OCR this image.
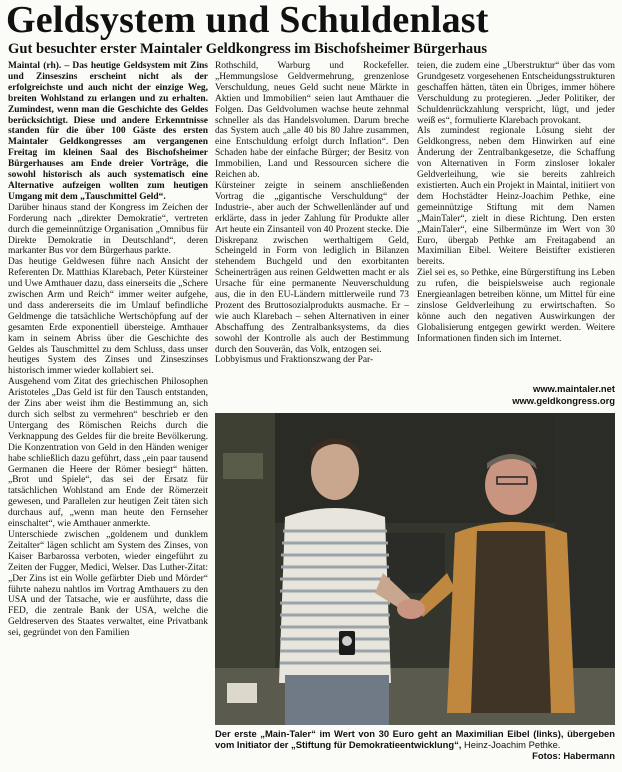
Geldsystem und Schuldenlast
Gut besuchter erster Maintaler Geldkongress im Bischofsheimer Bürgerhaus

Maintal (rh). – Das heutige Geldsystem mit Zins und Zinseszins erscheint nicht als der erfolgreichste und auch nicht der einzige Weg, breiten Wohlstand zu erlangen und zu erhalten. Zumindest, wenn man die Geschichte des Geldes berücksichtigt. Diese und andere Erkenntnisse standen für die über 100 Gäste des ersten Maintaler Geldkongresses am vergangenen Freitag im kleinen Saal des Bischofsheimer Bürgerhauses am Ende dreier Vorträge, die sowohl historisch als auch systematisch eine Alternative aufzeigen wollten zum heutigen Umgang mit dem „Tauschmittel Geld“.

Darüber hinaus stand der Kongress im Zeichen der Forderung nach „direkter Demokratie“, vertreten durch die gemeinnützige Organisation „Omnibus für Direkte Demokratie in Deutschland“, deren markanter Bus vor dem Bürgerhaus parkte.

Das heutige Geldwesen führe nach Ansicht der Referenten Dr. Matthias Klarebach, Peter Kürsteiner und Uwe Amthauer dazu, dass einerseits die „Schere zwischen Arm und Reich“ immer weiter aufgehe, und dass andererseits die im Umlauf befindliche Geldmenge die tatsächliche Wertschöpfung auf der gesamten Erde exponentiell übersteige. Amthauer kam in seinem Abriss über die Geschichte des Geldes als Tauschmittel zu dem Schluss, dass unser heutiges System des Zinses und Zinseszinses historisch immer wieder kollabiert sei.

Ausgehend vom Zitat des griechischen Philosophen Aristoteles „Das Geld ist für den Tausch entstanden, der Zins aber weist ihm die Bestimmung an, sich durch sich selbst zu vermehren“ beschrieb er den Untergang des Römischen Reichs durch die Verknappung des Geldes für die breite Bevölkerung. Die Konzentration von Geld in den Händen weniger habe schließlich dazu geführt, dass „ein paar tausend Germanen die Heere der Römer besiegt“ hätten. „Brot und Spiele“, das sei der Ersatz für tatsächlichen Wohlstand am Ende der Römerzeit gewesen, und Parallelen zur heutigen Zeit täten sich durchaus auf, „wenn man heute den Fernseher einschaltet“, wie Amthauer anmerkte.

Unterschiede zwischen „goldenem und dunklem Zeitalter“ lägen schlicht am System des Zinses, von Kaiser Barbarossa verboten, wieder eingeführt zu Zeiten der Fugger, Medici, Welser. Das Luther-Zitat: „Der Zins ist ein Wolle gefärbter Dieb und Mörder“ führte nahezu nahtlos im Vortrag Amthauers zu den USA und der Tatsache, wie er ausführte, dass die FED, die zentrale Bank der USA, welche die Geldreserven des Staates verwaltet, eine Privatbank sei, gegründet von den Familien

Rothschild, Warburg und Rockefeller. „Hemmungslose Geldvermehrung, grenzenlose Verschuldung, neues Geld sucht neue Märkte in Aktien und Immobilien“ seien laut Amthauer die Folgen. Das Geldvolumen wachse heute zehnmal schneller als das Handelsvolumen. Darum breche das System auch „alle 40 bis 80 Jahre zusammen, eine Entschuldung erfolgt durch Inflation“. Den Schaden habe der einfache Bürger; der Besitz von Immobilien, Land und Ressourcen sichere die Reichen ab.

Kürsteiner zeigte in seinem anschließenden Vortrag die „gigantische Verschuldung“ der Industrie-, aber auch der Schwellenländer auf und erklärte, dass in jeder Zahlung für Produkte aller Art heute ein Zinsanteil von 40 Prozent stecke. Die Diskrepanz zwischen werthaltigem Geld, Scheingeld in Form von lediglich in Bilanzen stehendem Buchgeld und den exorbitanten Scheinerträgen aus reinen Geldwetten macht er als Ursache für eine permanente Neuverschuldung aus, die in den EU-Ländern mittlerweile rund 73 Prozent des Bruttosozialprodukts ausmache. Er – wie auch Klarebach – sehen Alternativen in einer Abschaffung des Zentralbanksystems, da dies sowohl der Kontrolle als auch der Bestimmung durch den Souverän, das Volk, entzogen sei.

Lobbyismus und Fraktionszwang der Par-

teien, die zudem eine „Überstruktur“ über das vom Grundgesetz vorgesehenen Entscheidungsstrukturen geschaffen hätten, täten ein Übriges, immer höhere Verschuldung zu protegieren. „Jeder Politiker, der Schuldenrückzahlung verspricht, lügt, und jeder weiß es“, formulierte Klarebach provokant.

Als zumindest regionale Lösung sieht der Geldkongress, neben dem Hinwirken auf eine Änderung der Zentralbankgesetze, die Schaffung von Alternativen in Form zinsloser lokaler Geldverleihung, wie sie bereits zahlreich existierten. Auch ein Projekt in Maintal, initiiert von dem Hochstädter Heinz-Joachim Pethke, eine gemeinnützige Stiftung mit dem Namen „MainTaler“, zielt in diese Richtung. Den ersten „MainTaler“, eine Silbermünze im Wert von 30 Euro, übergab Pethke am Freitagabend an Maximilian Eibel. Weitere Beistifter existieren bereits.

Ziel sei es, so Pethke, eine Bürgerstiftung ins Leben zu rufen, die beispielsweise auch regionale Energieanlagen betreiben könne, um Mittel für eine zinslose Geldverleihung zu erwirtschaften. So könne auch den negativen Auswirkungen der Globalisierung entgegen gewirkt werden. Weitere Informationen finden sich im Internet.

www.maintaler.net
www.geldkongress.org
Der erste „Main-Taler“ im Wert von 30 Euro geht an Maximilian Eibel (links), übergeben vom Initiator der „Stiftung für Demokratieentwicklung“, Heinz-Joachim Pethke.
Fotos: Habermann
